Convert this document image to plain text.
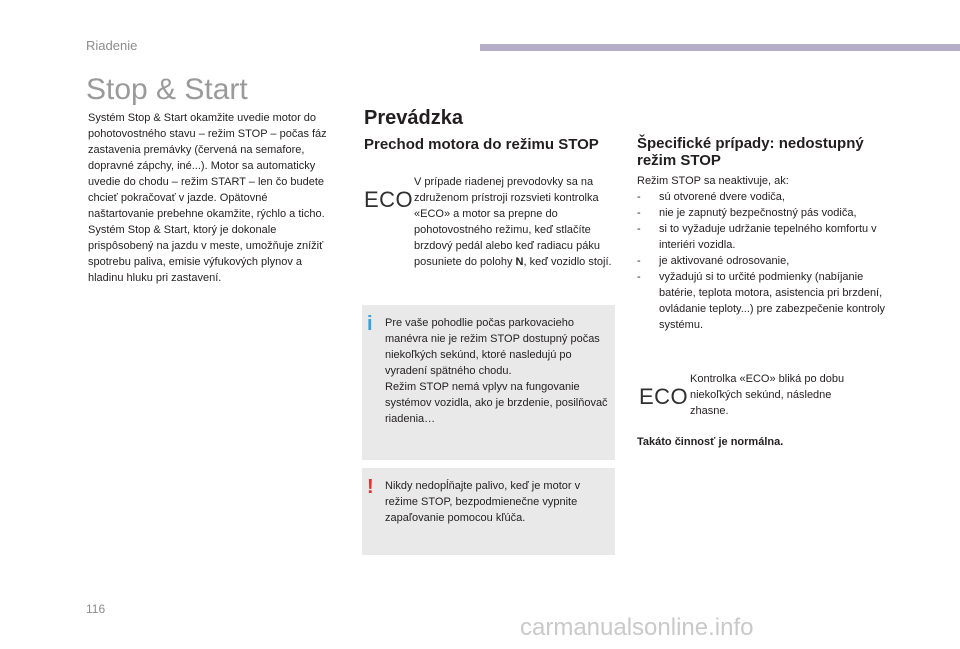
Riadenie
Stop & Start

Systém Stop & Start okamžite uvedie motor do pohotovostného stavu – režim STOP – počas fáz zastavenia premávky (červená na semafore, dopravné zápchy, iné...). Motor sa automaticky uvedie do chodu – režim START – len čo budete chcieť pokračovať v jazde. Opätovné naštartovanie prebehne okamžite, rýchlo a ticho.

Systém Stop & Start, ktorý je dokonale prispôsobený na jazdu v meste, umožňuje znížiť spotrebu paliva, emisie výfukových plynov a hladinu hluku pri zastavení.

Prevádzka
Prechod motora do režimu STOP
ECO
V prípade riadenej prevodovky sa na združenom prístroji rozsvieti kontrolka «ECO» a motor sa prepne do pohotovostného režimu, keď stlačíte brzdový pedál alebo keď radiacu páku posuniete do polohy N, keď vozidlo stojí.
i Pre vaše pohodlie počas parkovacieho manévra nie je režim STOP dostupný počas niekoľkých sekúnd, ktoré nasledujú po vyradení spätného chodu.
Režim STOP nemá vplyv na fungovanie systémov vozidla, ako je brzdenie, posilňovač riadenia…
! Nikdy nedopĺňajte palivo, keď je motor v režime STOP, bezpodmienečne vypnite zapaľovanie pomocou kľúča.
Špecifické prípady: nedostupný režim STOP
Režim STOP sa neaktivuje, ak:
- sú otvorené dvere vodiča,
- nie je zapnutý bezpečnostný pás vodiča,
- si to vyžaduje udržanie tepelného komfortu v interiéri vozidla.
- je aktivované odrosovanie,
- vyžadujú si to určité podmienky (nabíjanie batérie, teplota motora, asistencia pri brzdení, ovládanie teploty...) pre zabezpečenie kontroly systému.
ECO
Kontrolka «ECO» bliká po dobu niekoľkých sekúnd, následne zhasne.
Takáto činnosť je normálna.
116
carmanualsonline.info
